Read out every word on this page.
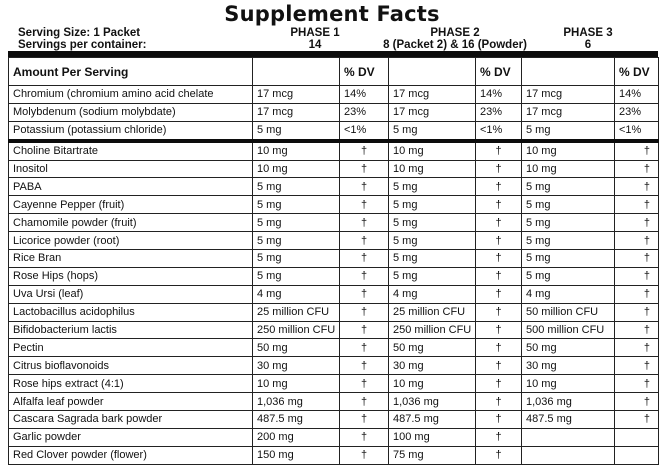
Supplement Facts
Serving Size: 1 Packet
Servings per container:
PHASE 1
14
PHASE 2
8 (Packet 2) & 16 (Powder)
PHASE 3
6
Amount Per Serving		% DV		% DV		% DV
Chromium (chromium amino acid chelate	17 mcg	14%	17 mcg	14%	17 mcg	14%
Molybdenum (sodium molybdate)	17 mcg	23%	17 mcg	23%	17 mcg	23%
Potassium (potassium chloride)	5 mg	<1%	5 mg	<1%	5 mg	<1%
Choline Bitartrate	10 mg	†	10 mg	†	10 mg	†
Inositol	10 mg	†	10 mg	†	10 mg	†
PABA	5 mg	†	5 mg	†	5 mg	†
Cayenne Pepper (fruit)	5 mg	†	5 mg	†	5 mg	†
Chamomile powder (fruit)	5 mg	†	5 mg	†	5 mg	†
Licorice powder (root)	5 mg	†	5 mg	†	5 mg	†
Rice Bran	5 mg	†	5 mg	†	5 mg	†
Rose Hips (hops)	5 mg	†	5 mg	†	5 mg	†
Uva Ursi (leaf)	4 mg	†	4 mg	†	4 mg	†
Lactobacillus acidophilus	25 million CFU	†	25 million CFU	†	50 million CFU	†
Bifidobacterium lactis	250 million CFU	†	250 million CFU	†	500 million CFU	†
Pectin	50 mg	†	50 mg	†	50 mg	†
Citrus bioflavonoids	30 mg	†	30 mg	†	30 mg	†
Rose hips extract (4:1)	10 mg	†	10 mg	†	10 mg	†
Alfalfa leaf powder	1,036 mg	†	1,036 mg	†	1,036 mg	†
Cascara Sagrada bark powder	487.5 mg	†	487.5 mg	†	487.5 mg	†
Garlic powder	200 mg	†	100 mg	†		
Red Clover powder (flower)	150 mg	†	75 mg	†		
